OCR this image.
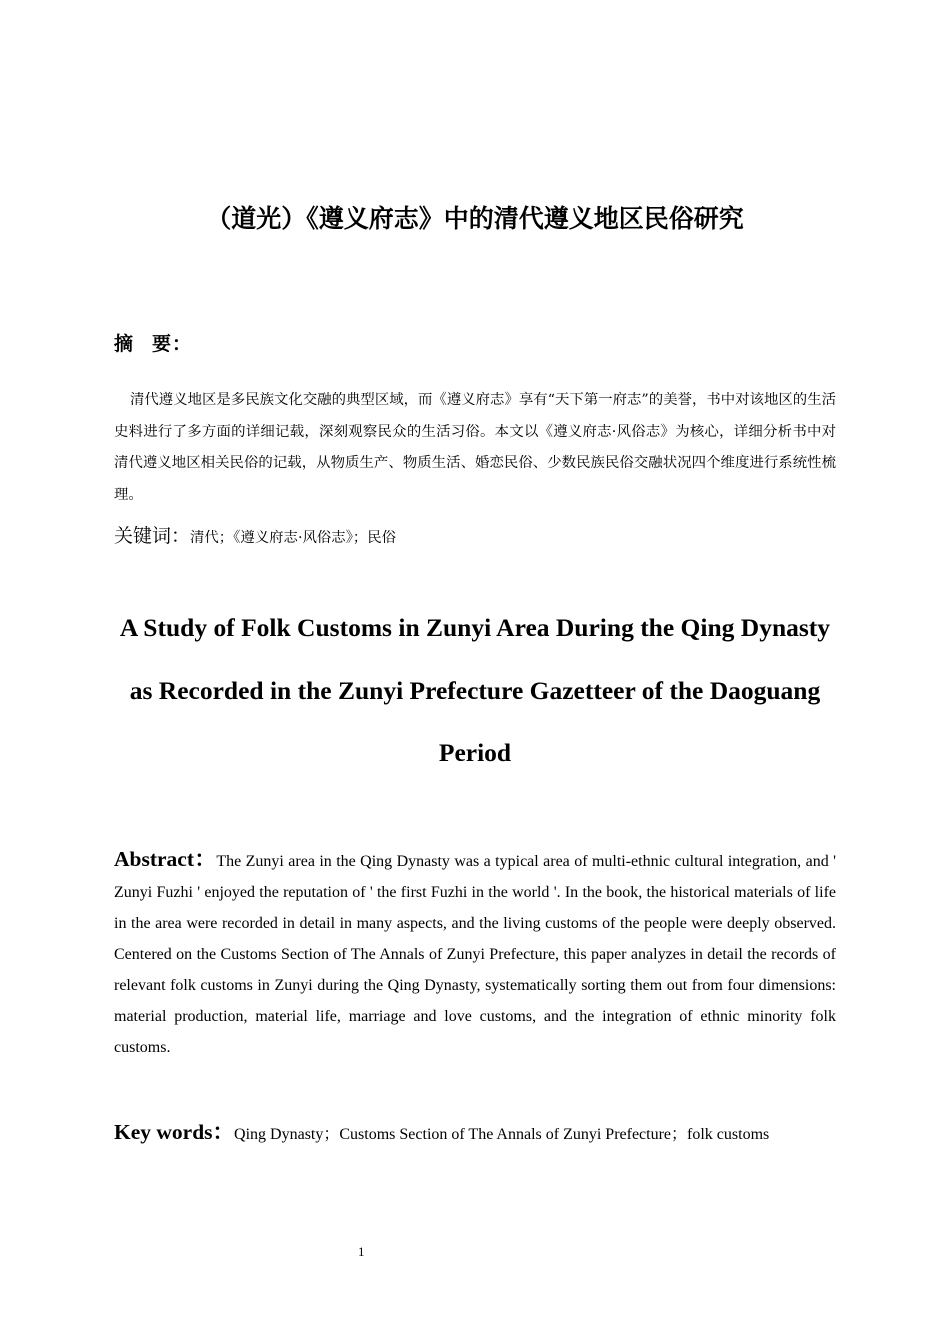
（道光）《遵义府志》中的清代遵义地区民俗研究
摘 要：
清代遵义地区是多民族文化交融的典型区域，而《遵义府志》享有“天下第一府志”的美誉，书中对该地区的生活史料进行了多方面的详细记载，深刻观察民众的生活习俗。本文以《遵义府志·风俗志》为核心，详细分析书中对清代遵义地区相关民俗的记载，从物质生产、物质生活、婚恋民俗、少数民族民俗交融状况四个维度进行系统性梳理。
关键词：清代；《遵义府志·风俗志》；民俗
A Study of Folk Customs in Zunyi Area During the Qing Dynasty
as Recorded in the Zunyi Prefecture Gazetteer of the Daoguang
Period
Abstract：The Zunyi area in the Qing Dynasty was a typical area of multi-ethnic cultural integration, and ' Zunyi Fuzhi ' enjoyed the reputation of ' the first Fuzhi in the world '. In the book, the historical materials of life in the area were recorded in detail in many aspects, and the living customs of the people were deeply observed. Centered on the Customs Section of The Annals of Zunyi Prefecture, this paper analyzes in detail the records of relevant folk customs in Zunyi during the Qing Dynasty, systematically sorting them out from four dimensions: material production, material life, marriage and love customs, and the integration of ethnic minority folk customs.
Key words：Qing Dynasty；Customs Section of The Annals of Zunyi Prefecture；folk customs
1
